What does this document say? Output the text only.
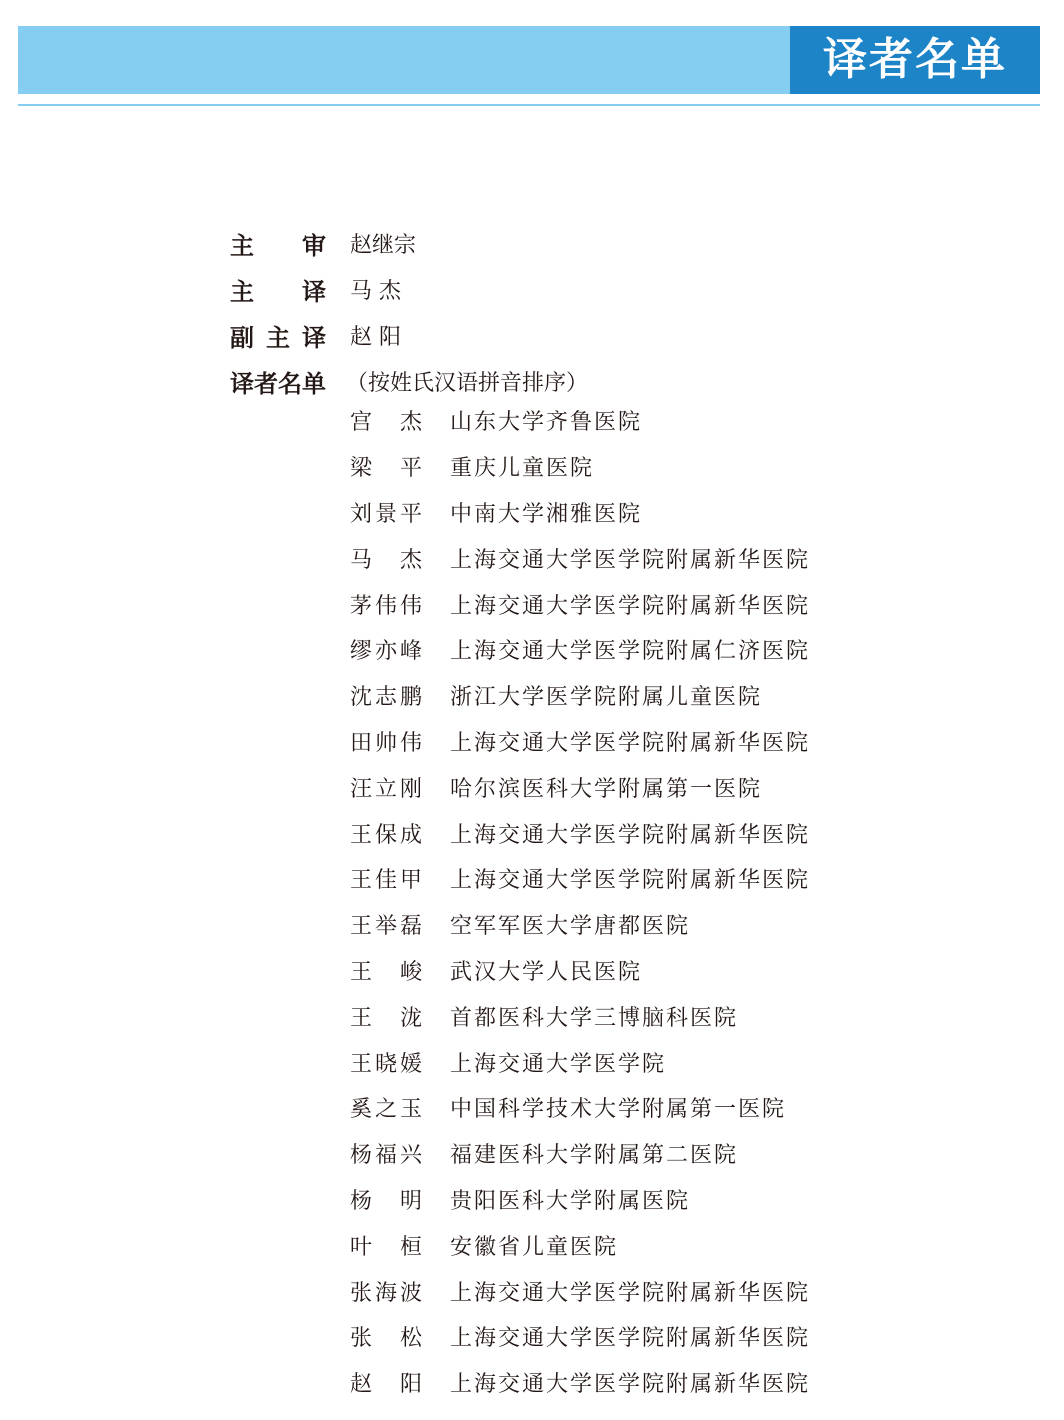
译者名单
主审 赵继宗
主译 马 杰
副主译 赵 阳
译者名单 （按姓氏汉语拼音排序）
宫杰 山东大学齐鲁医院
梁平 重庆儿童医院
刘景平 中南大学湘雅医院
马杰 上海交通大学医学院附属新华医院
茅伟伟 上海交通大学医学院附属新华医院
缪亦峰 上海交通大学医学院附属仁济医院
沈志鹏 浙江大学医学院附属儿童医院
田帅伟 上海交通大学医学院附属新华医院
汪立刚 哈尔滨医科大学附属第一医院
王保成 上海交通大学医学院附属新华医院
王佳甲 上海交通大学医学院附属新华医院
王举磊 空军军医大学唐都医院
王峻 武汉大学人民医院
王泷 首都医科大学三博脑科医院
王晓媛 上海交通大学医学院
奚之玉 中国科学技术大学附属第一医院
杨福兴 福建医科大学附属第二医院
杨明 贵阳医科大学附属医院
叶桓 安徽省儿童医院
张海波 上海交通大学医学院附属新华医院
张松 上海交通大学医学院附属新华医院
赵阳 上海交通大学医学院附属新华医院
